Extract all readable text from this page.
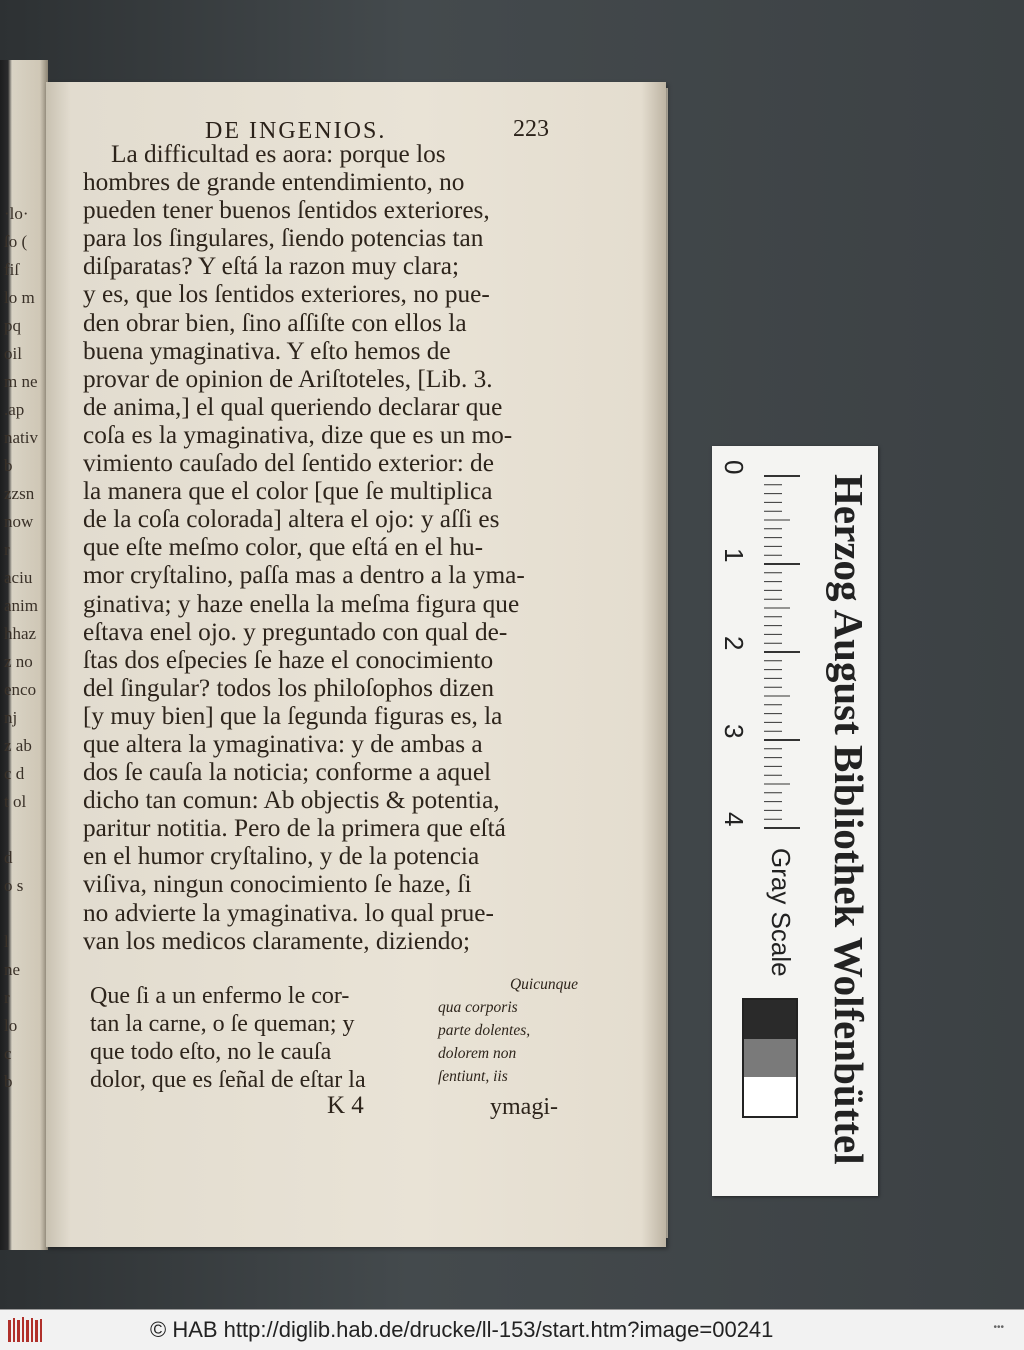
·lo·
ſo (
fiſ
lo m
pq
oil
m ne
.ap
nativ
b
zzsn
now
r
aciu
anim
hhaz
z no
enco
nj
z ab
c d
t ol

d
o s

l
ne
r
lo
c
b
DE INGENIOS.	223
La difficultad es aora: porque los
hombres de grande entendimiento, no
pueden tener buenos ſentidos exteriores,
para los ſingulares, ſiendo potencias tan
diſparatas? Y eſtá la razon muy clara;
y es, que los ſentidos exteriores, no pue-
den obrar bien, ſino aſſiſte con ellos la
buena ymaginativa. Y eſto hemos de
provar de opinion de Ariſtoteles, [Lib. 3.
de anima,] el qual queriendo declarar que
coſa es la ymaginativa, dize que es un mo-
vimiento cauſado del ſentido exterior: de
la manera que el color [que ſe multiplica
de la coſa colorada] altera el ojo: y aſſi es
que eſte meſmo color, que eſtá en el hu-
mor cryſtalino, paſſa mas a dentro a la yma-
ginativa; y haze enella la meſma figura que
eſtava enel ojo. y preguntado con qual de-
ſtas dos eſpecies ſe haze el conocimiento
del ſingular? todos los philoſophos dizen
[y muy bien] que la ſegunda figuras es, la
que altera la ymaginativa: y de ambas a
dos ſe cauſa la noticia; conforme a aquel
dicho tan comun: Ab objectis & potentia,
paritur notitia. Pero de la primera que eſtá
en el humor cryſtalino, y de la potencia
viſiva, ningun conocimiento ſe haze, ſi
no advierte la ymaginativa. lo qual prue-
van los medicos claramente, diziendo;
Que ſi a un enfermo le cor-
tan la carne, o ſe queman; y
que todo eſto, no le cauſa
dolor, que es ſeñal de eſtar la
Quicunque
qua corporis
parte dolentes,
dolorem non
ſentiunt, iis
K 4	ymagi-	Herzog August Bibliothek Wolfenbüttel
0
1
2
3
4
Gray Scale
© HAB http://diglib.hab.de/drucke/ll-153/start.htm?image=00241	•••
